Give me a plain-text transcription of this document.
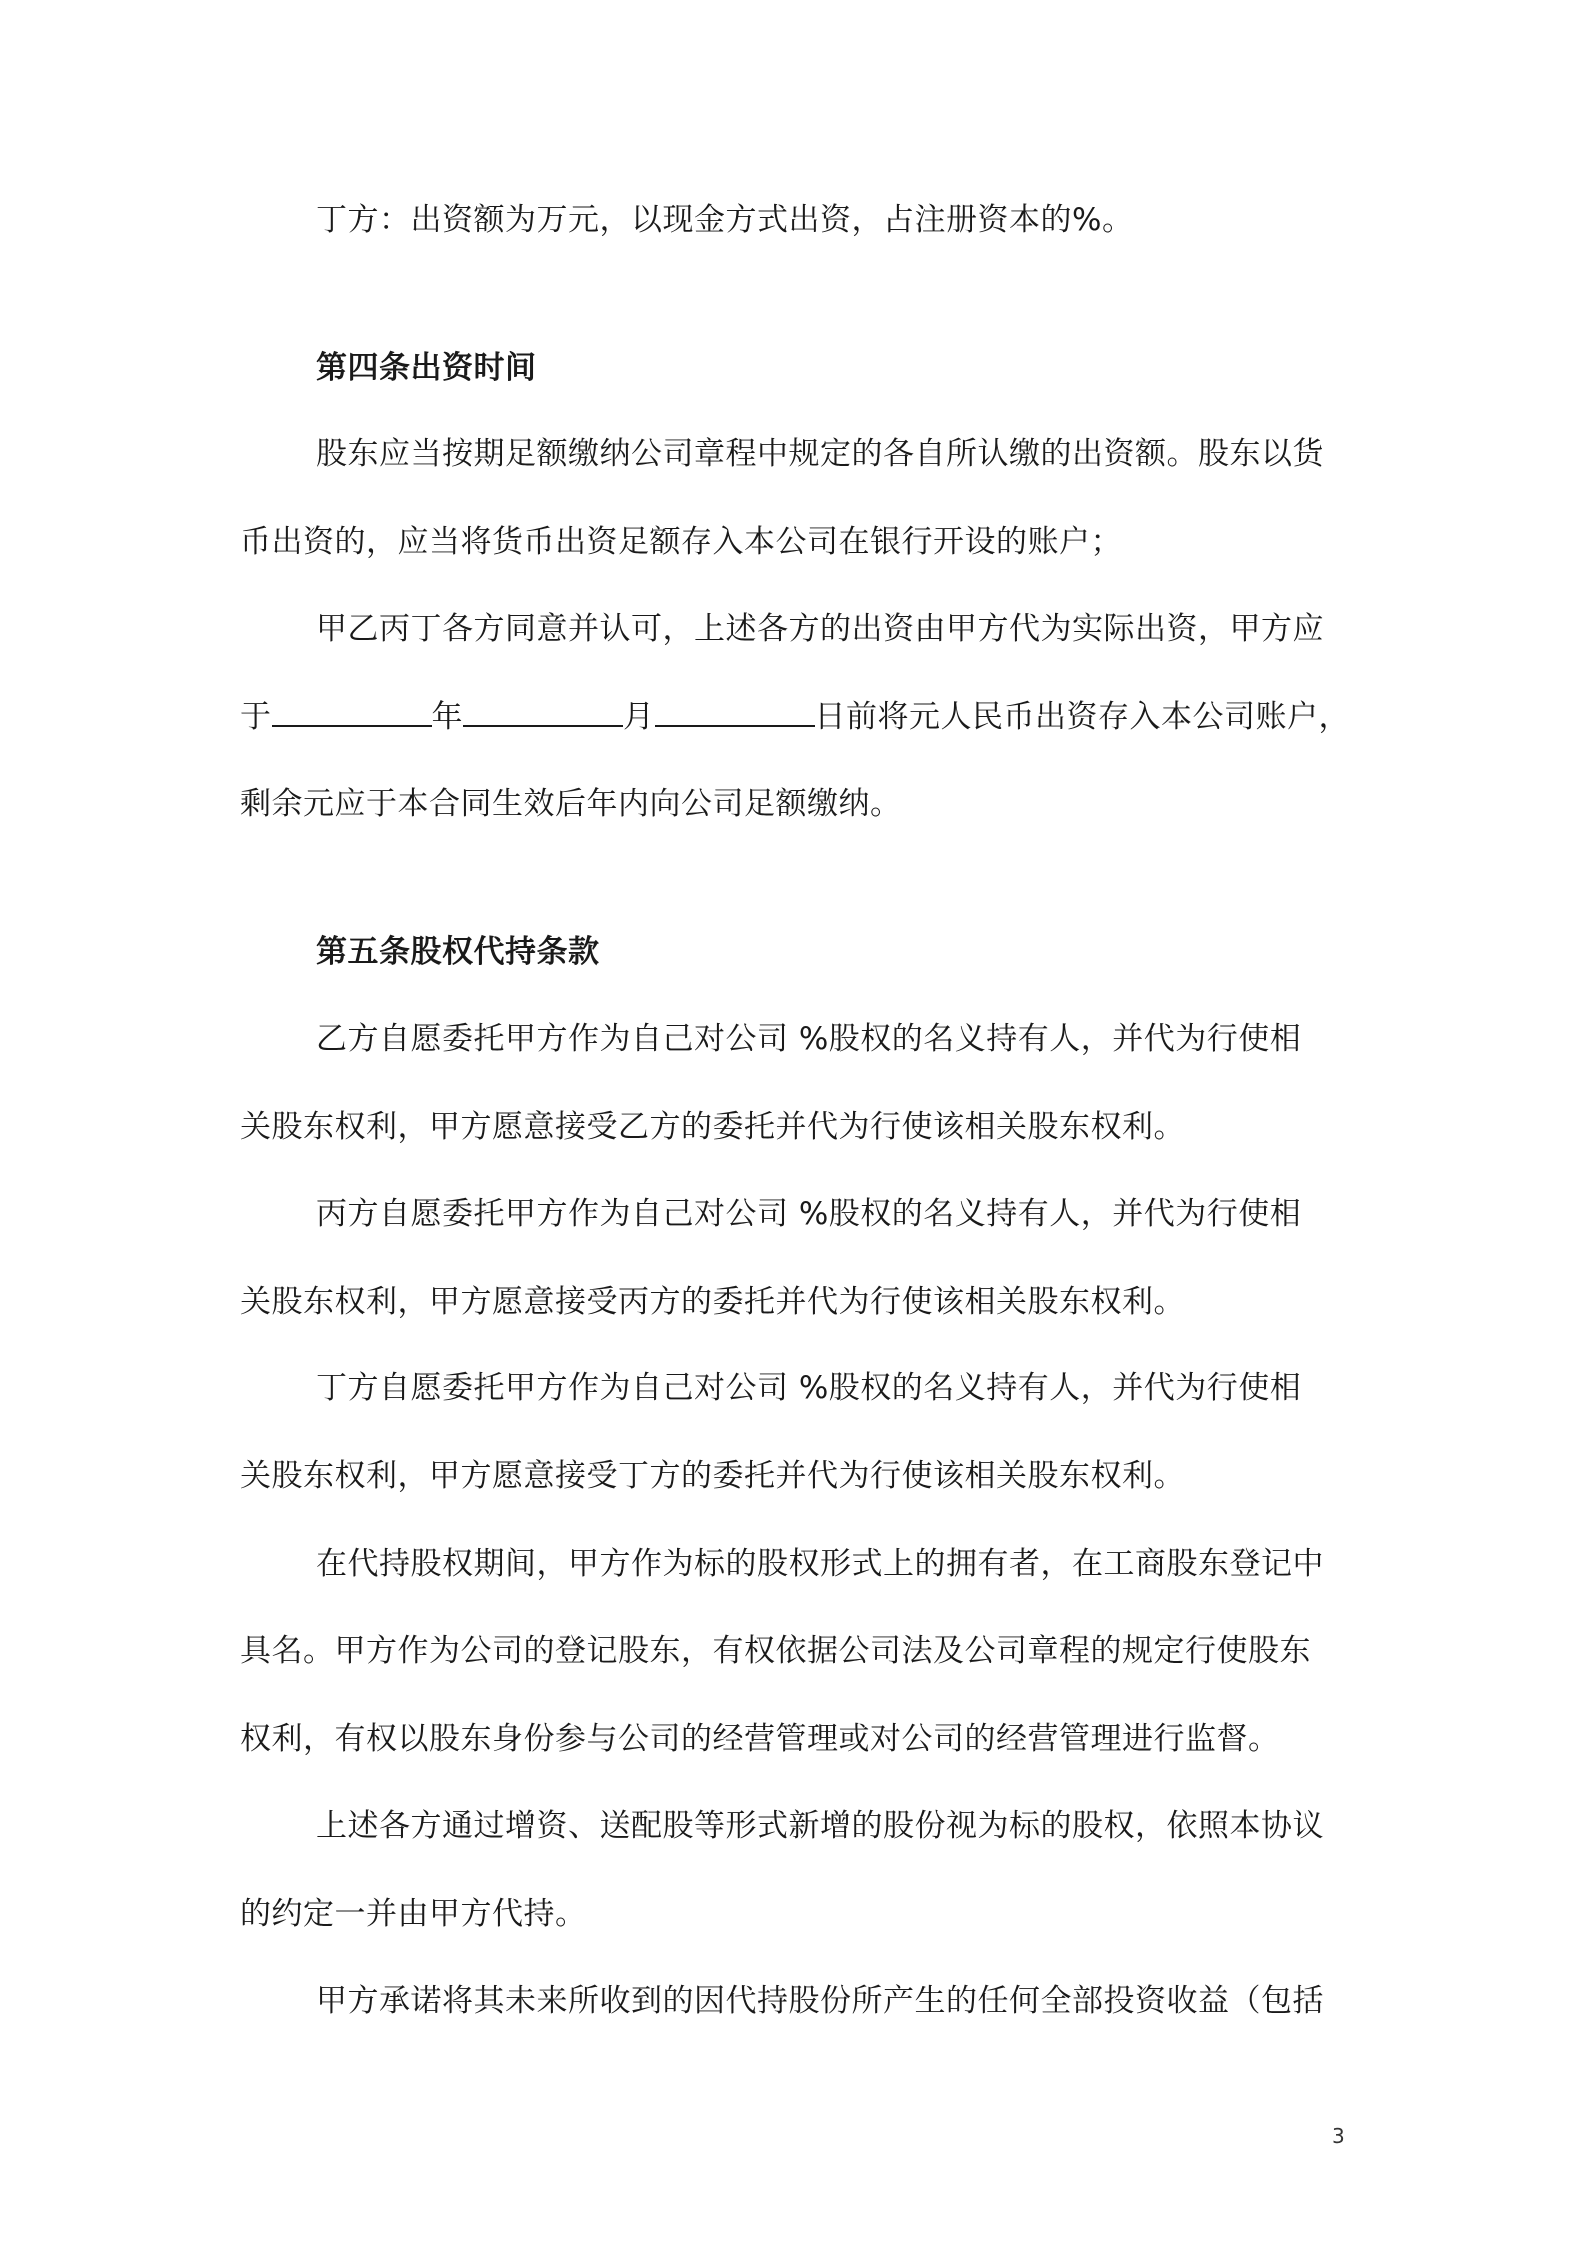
丁方：出资额为万元，以现金方式出资，占注册资本的%。
第四条出资时间
股东应当按期足额缴纳公司章程中规定的各自所认缴的出资额。股东以货
币出资的，应当将货币出资足额存入本公司在银行开设的账户；
甲乙丙丁各方同意并认可，上述各方的出资由甲方代为实际出资，甲方应
于	年	月	日前将元人民币出资存入本公司账户，
剩余元应于本合同生效后年内向公司足额缴纳。
第五条股权代持条款
乙方自愿委托甲方作为自己对公司 %股权的名义持有人，并代为行使相
关股东权利，甲方愿意接受乙方的委托并代为行使该相关股东权利。
丙方自愿委托甲方作为自己对公司 %股权的名义持有人，并代为行使相
关股东权利，甲方愿意接受丙方的委托并代为行使该相关股东权利。
丁方自愿委托甲方作为自己对公司 %股权的名义持有人，并代为行使相
关股东权利，甲方愿意接受丁方的委托并代为行使该相关股东权利。
在代持股权期间，甲方作为标的股权形式上的拥有者，在工商股东登记中
具名。甲方作为公司的登记股东，有权依据公司法及公司章程的规定行使股东
权利，有权以股东身份参与公司的经营管理或对公司的经营管理进行监督。
上述各方通过增资、送配股等形式新增的股份视为标的股权，依照本协议
的约定一并由甲方代持。
甲方承诺将其未来所收到的因代持股份所产生的任何全部投资收益（包括
3
